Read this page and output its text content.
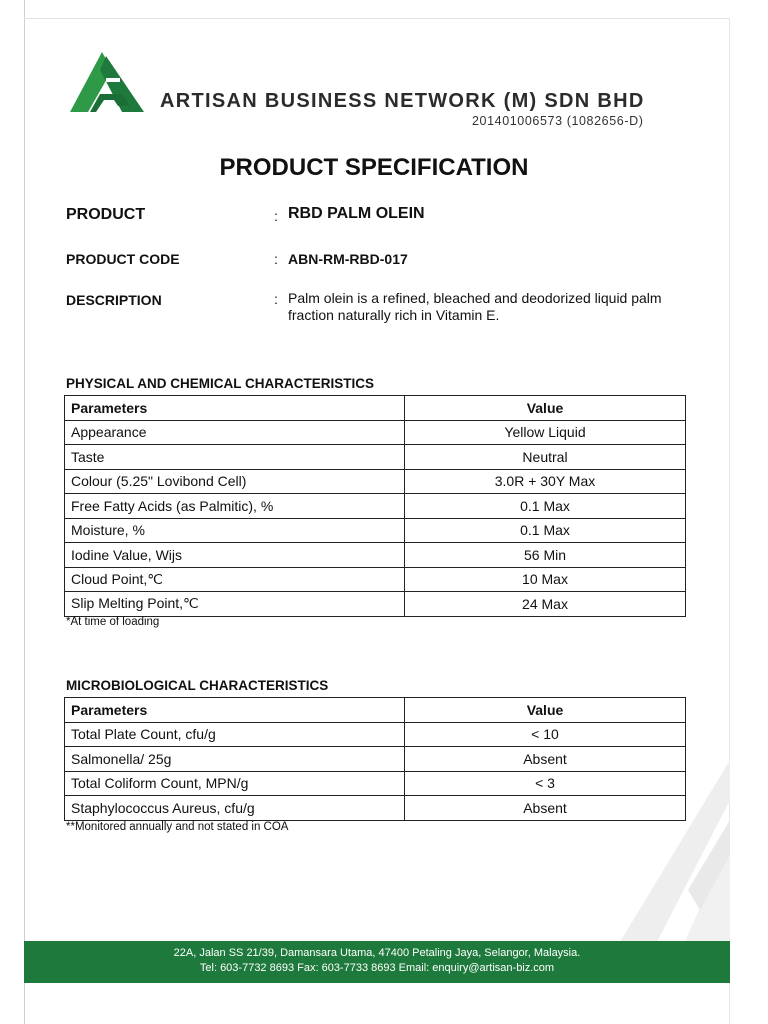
ARTISAN BUSINESS NETWORK (M) SDN BHD
201401006573 (1082656-D)
PRODUCT SPECIFICATION
PRODUCT	: RBD PALM OLEIN
PRODUCT CODE	: ABN-RM-RBD-017
DESCRIPTION	: Palm olein is a refined, bleached and deodorized liquid palm fraction naturally rich in Vitamin E.
PHYSICAL AND CHEMICAL CHARACTERISTICS
Parameters	Value
Appearance	Yellow Liquid
Taste	Neutral
Colour (5.25" Lovibond Cell)	3.0R + 30Y Max
Free Fatty Acids (as Palmitic), %	0.1 Max
Moisture, %	0.1 Max
Iodine Value, Wijs	56 Min
Cloud Point,℃	10 Max
Slip Melting Point,℃	24 Max
*At time of loading
MICROBIOLOGICAL CHARACTERISTICS
Parameters	Value
Total Plate Count, cfu/g	< 10
Salmonella/ 25g	Absent
Total Coliform Count, MPN/g	< 3
Staphylococcus Aureus, cfu/g	Absent
**Monitored annually and not stated in COA
22A, Jalan SS 21/39, Damansara Utama, 47400 Petaling Jaya, Selangor, Malaysia.
Tel: 603-7732 8693 Fax: 603-7733 8693 Email: enquiry@artisan-biz.com
